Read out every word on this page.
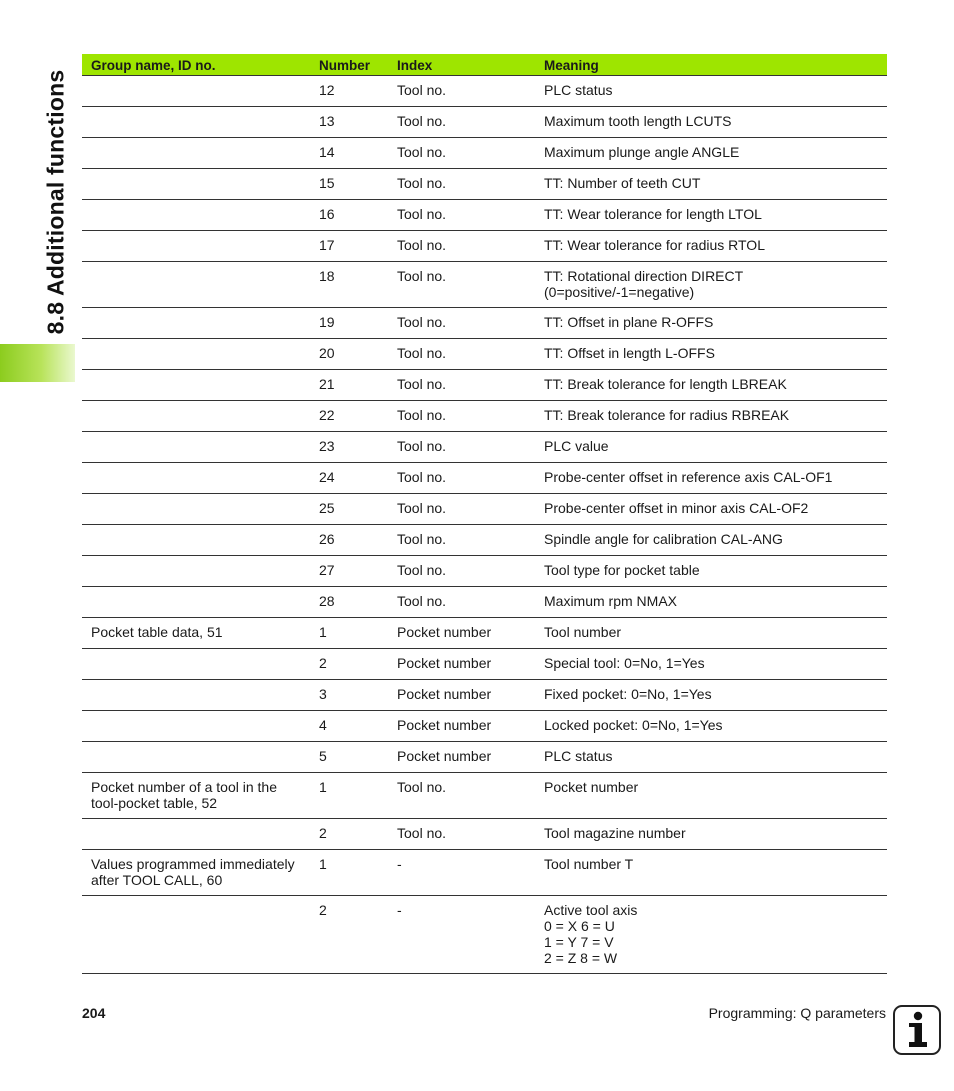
8.8 Additional functions
Group name, ID no.	Number	Index	Meaning
	12	Tool no.	PLC status

	13	Tool no.	Maximum tooth length LCUTS

	14	Tool no.	Maximum plunge angle ANGLE

	15	Tool no.	TT: Number of teeth CUT

	16	Tool no.	TT: Wear tolerance for length LTOL

	17	Tool no.	TT: Wear tolerance for radius RTOL

	18	Tool no.	TT: Rotational direction DIRECT
(0=positive/-1=negative)

	19	Tool no.	TT: Offset in plane R-OFFS

	20	Tool no.	TT: Offset in length L-OFFS

	21	Tool no.	TT: Break tolerance for length LBREAK

	22	Tool no.	TT: Break tolerance for radius RBREAK

	23	Tool no.	PLC value

	24	Tool no.	Probe-center offset in reference axis CAL-OF1

	25	Tool no.	Probe-center offset in minor axis CAL-OF2

	26	Tool no.	Spindle angle for calibration CAL-ANG

	27	Tool no.	Tool type for pocket table

	28	Tool no.	Maximum rpm NMAX

Pocket table data, 51	1	Pocket number	Tool number

	2	Pocket number	Special tool: 0=No, 1=Yes

	3	Pocket number	Fixed pocket: 0=No, 1=Yes

	4	Pocket number	Locked pocket: 0=No, 1=Yes

	5	Pocket number	PLC status

Pocket number of a tool in the
tool-pocket table, 52	1	Tool no.	Pocket number

	2	Tool no.	Tool magazine number

Values programmed immediately
after TOOL CALL, 60	1	-	Tool number T

	2	-	Active tool axis
0 = X 6 = U
1 = Y 7 = V
2 = Z 8 = W
204	Programming: Q parameters
